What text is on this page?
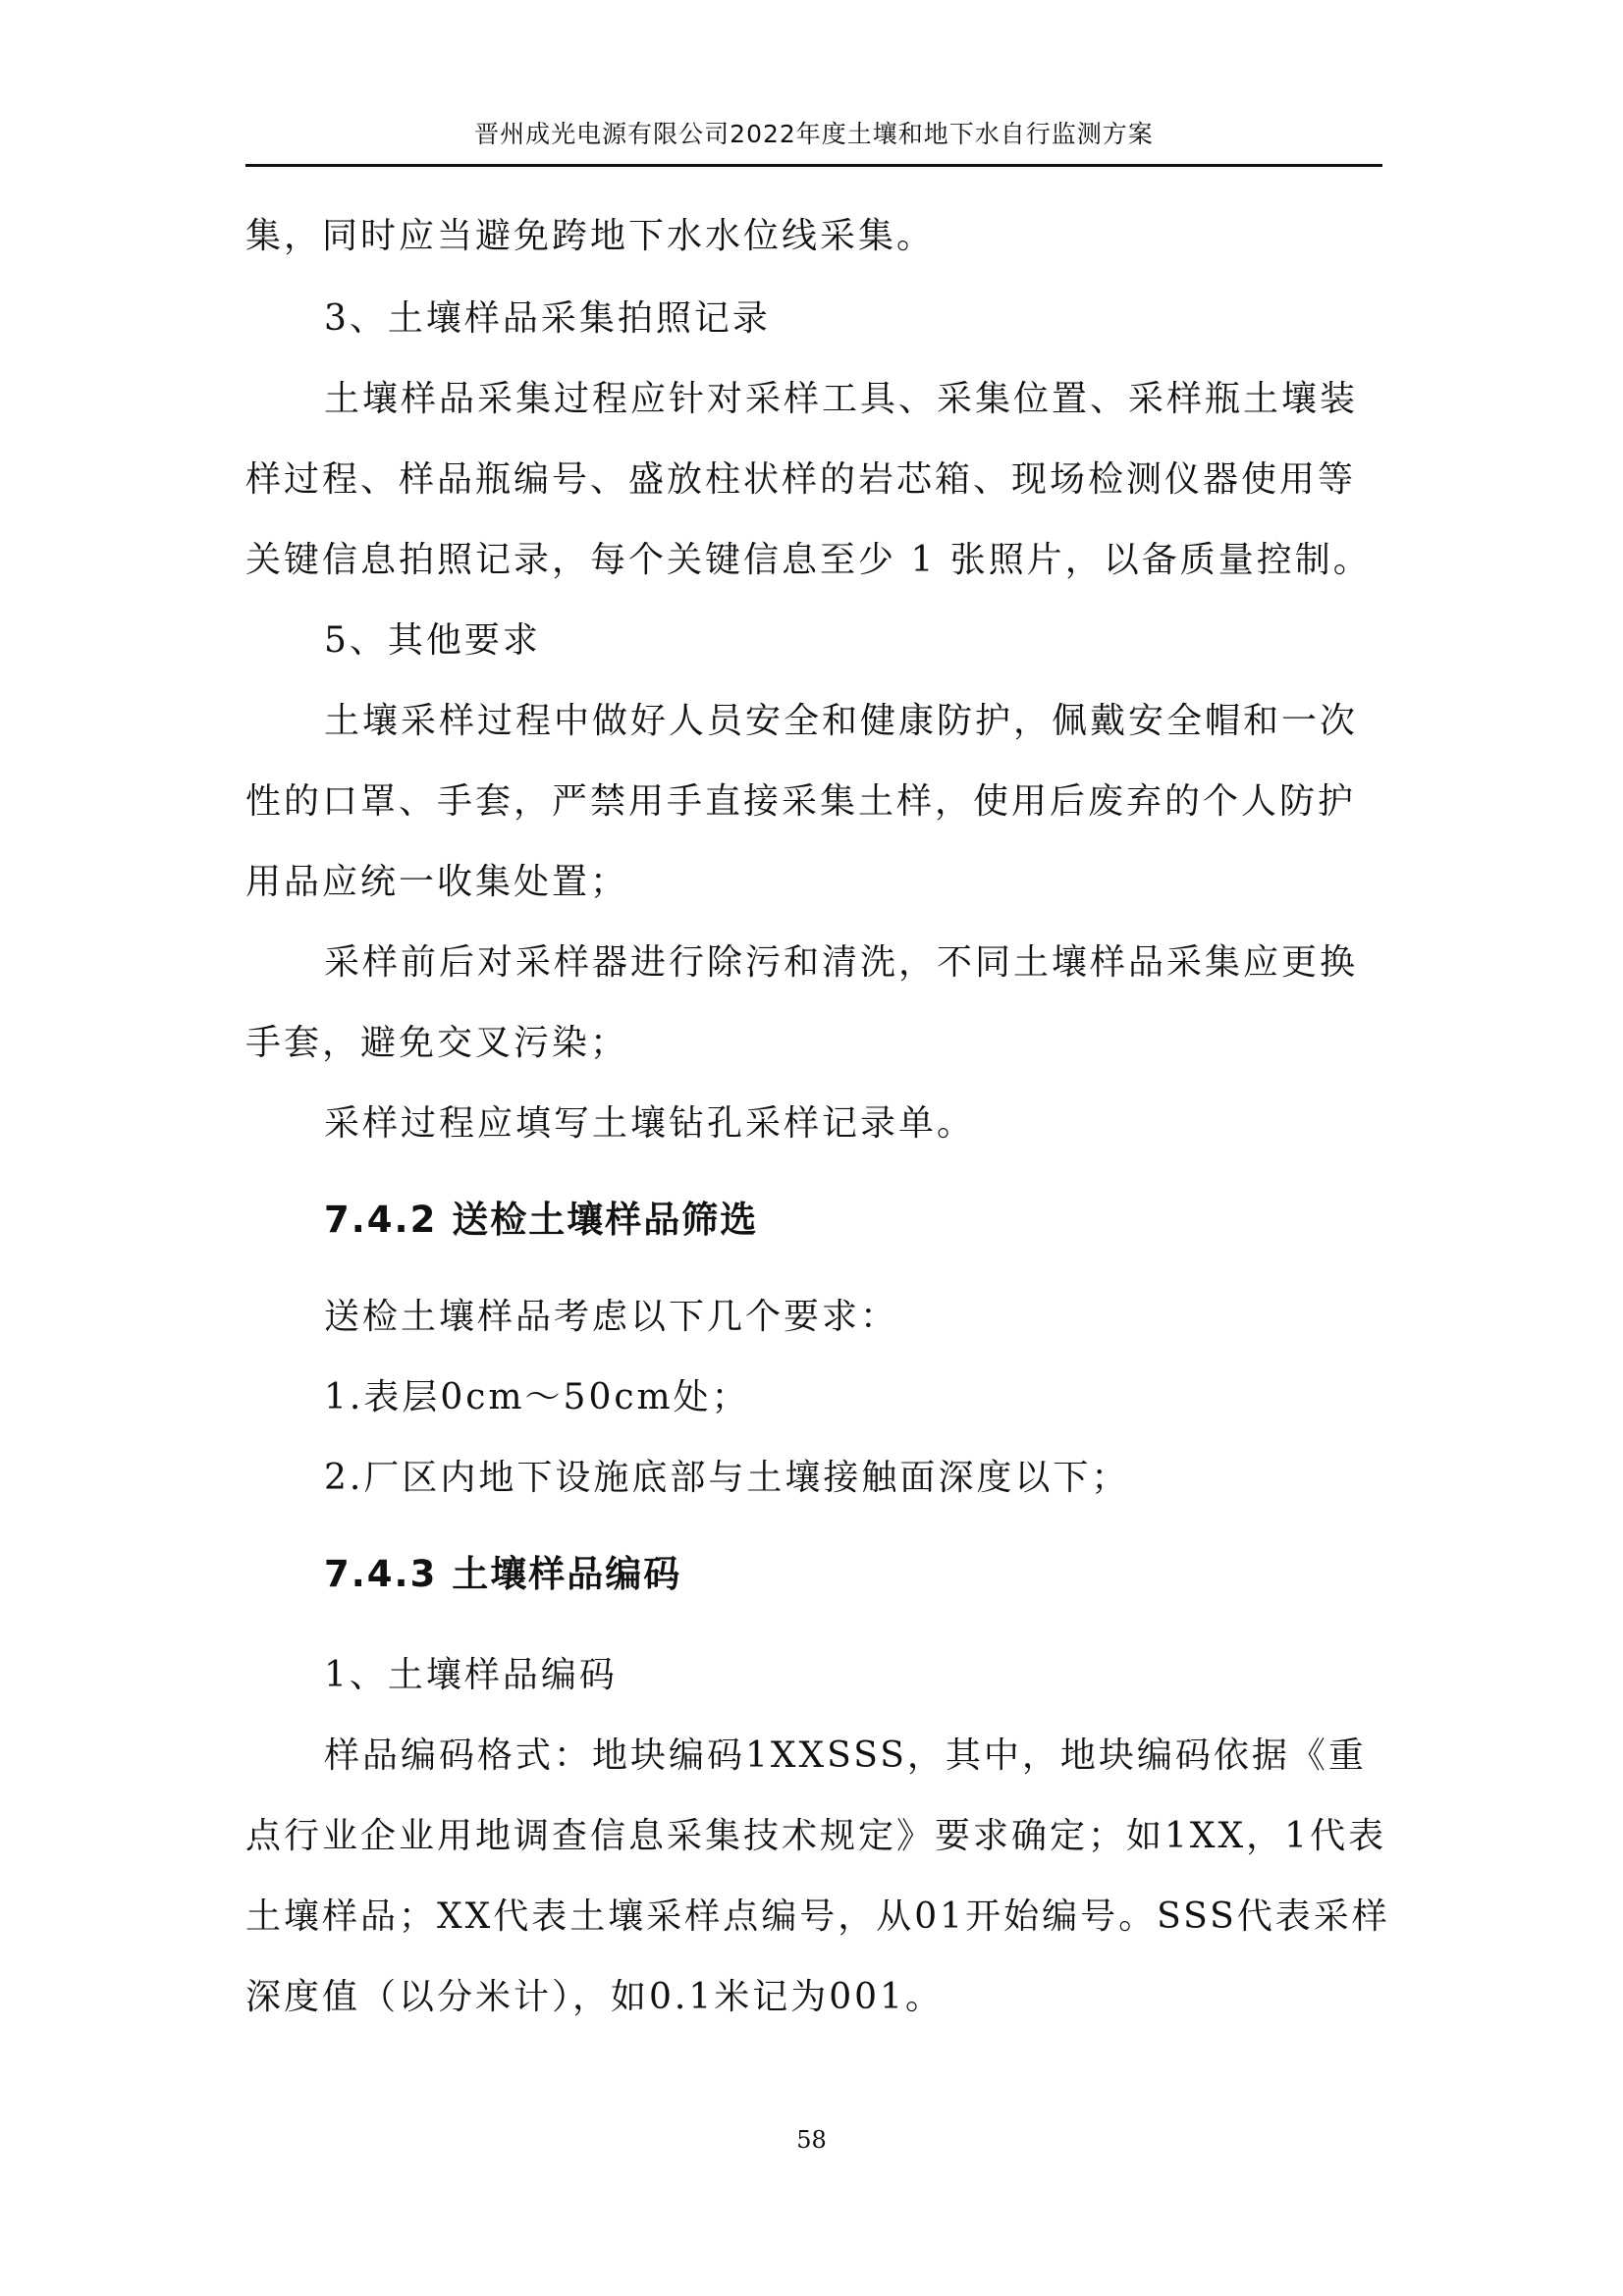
晋州成光电源有限公司2022年度土壤和地下水自行监测方案
集，同时应当避免跨地下水水位线采集。
3、土壤样品采集拍照记录
土壤样品采集过程应针对采样工具、采集位置、采样瓶土壤装
样过程、样品瓶编号、盛放柱状样的岩芯箱、现场检测仪器使用等
关键信息拍照记录，每个关键信息至少 1 张照片，以备质量控制。
5、其他要求
土壤采样过程中做好人员安全和健康防护，佩戴安全帽和一次
性的口罩、手套，严禁用手直接采集土样，使用后废弃的个人防护
用品应统一收集处置；
采样前后对采样器进行除污和清洗，不同土壤样品采集应更换
手套，避免交叉污染；
采样过程应填写土壤钻孔采样记录单。
7.4.2 送检土壤样品筛选
送检土壤样品考虑以下几个要求：
1.表层0cm～50cm处；
2.厂区内地下设施底部与土壤接触面深度以下；
7.4.3 土壤样品编码
1、土壤样品编码
样品编码格式：地块编码1XXSSS，其中，地块编码依据《重
点行业企业用地调查信息采集技术规定》要求确定；如1XX，1代表
土壤样品；XX代表土壤采样点编号，从01开始编号。SSS代表采样
深度值（以分米计），如0.1米记为001。
58
